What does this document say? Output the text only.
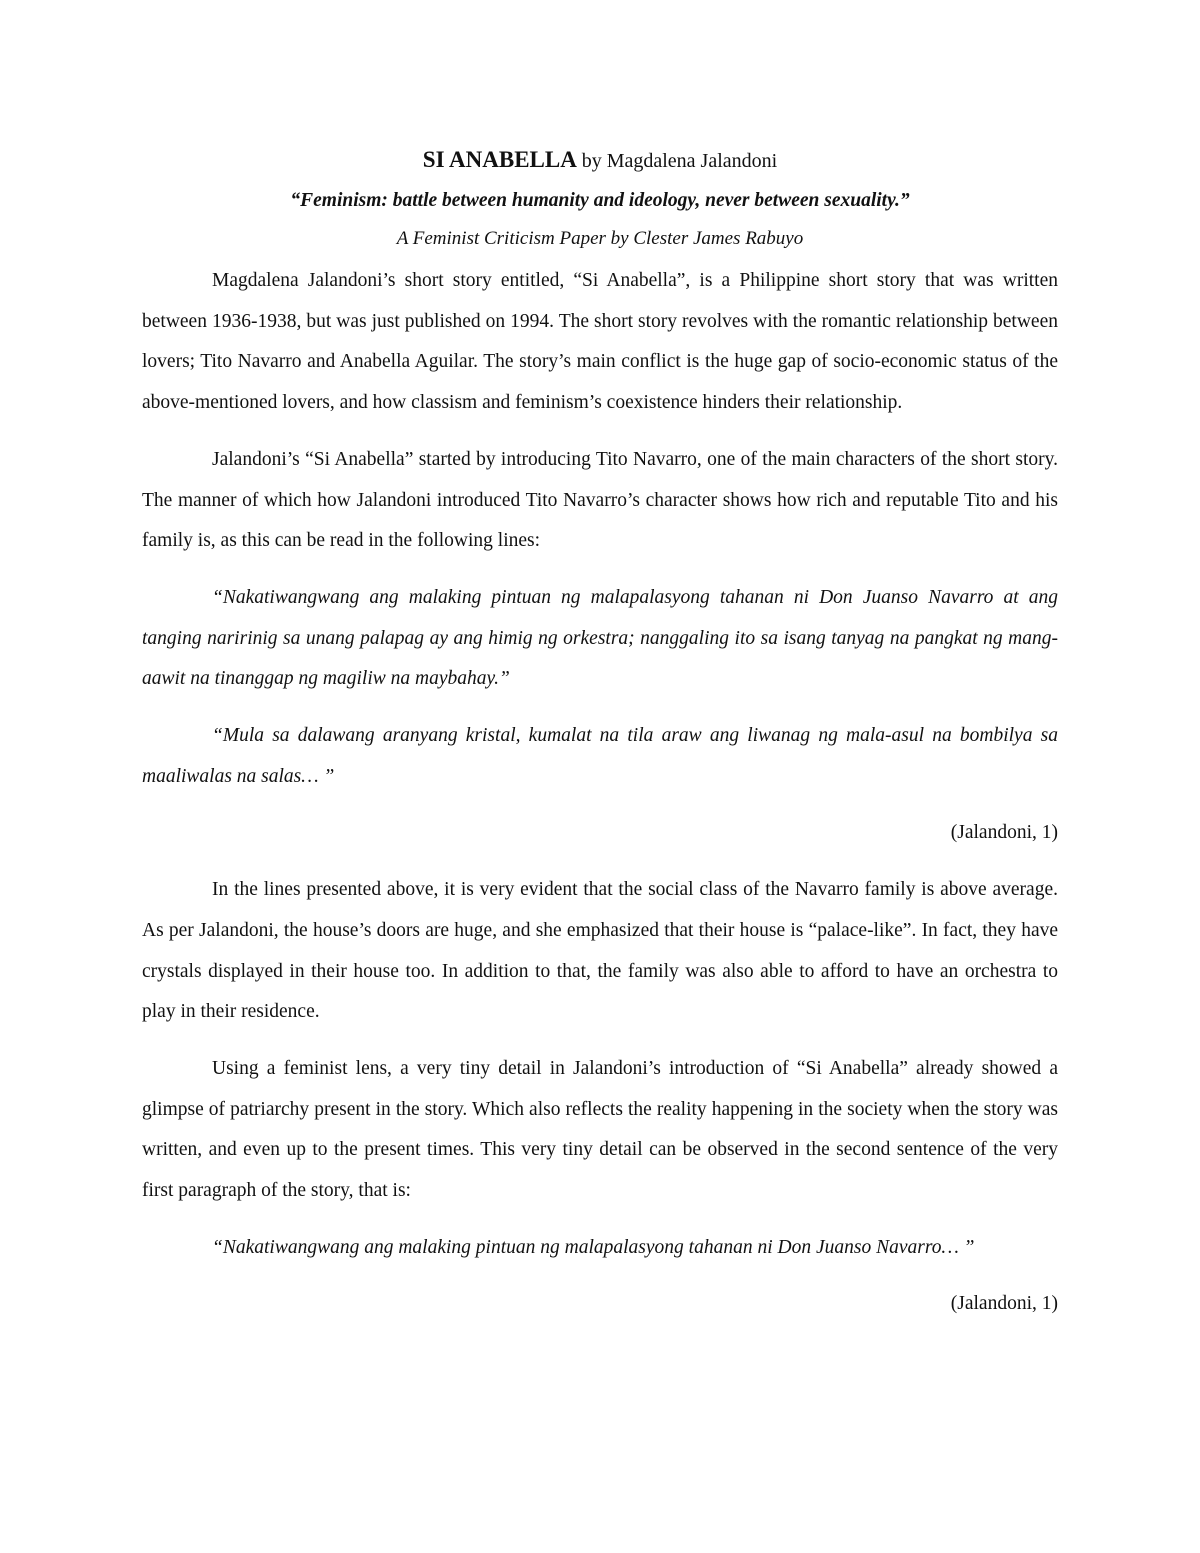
SI ANABELLA by Magdalena Jalandoni

“Feminism: battle between humanity and ideology, never between sexuality.”

A Feminist Criticism Paper by Clester James Rabuyo

Magdalena Jalandoni’s short story entitled, “Si Anabella”, is a Philippine short story that was written between 1936-1938, but was just published on 1994. The short story revolves with the romantic relationship between lovers; Tito Navarro and Anabella Aguilar. The story’s main conflict is the huge gap of socio-economic status of the above-mentioned lovers, and how classism and feminism’s coexistence hinders their relationship.

Jalandoni’s “Si Anabella” started by introducing Tito Navarro, one of the main characters of the short story. The manner of which how Jalandoni introduced Tito Navarro’s character shows how rich and reputable Tito and his family is, as this can be read in the following lines:

“Nakatiwangwang ang malaking pintuan ng malapalasyong tahanan ni Don Juanso Navarro at ang tanging naririnig sa unang palapag ay ang himig ng orkestra; nanggaling ito sa isang tanyag na pangkat ng mang-aawit na tinanggap ng magiliw na maybahay.”

“Mula sa dalawang aranyang kristal, kumalat na tila araw ang liwanag ng mala-asul na bombilya sa maaliwalas na salas… ”

(Jalandoni, 1)

In the lines presented above, it is very evident that the social class of the Navarro family is above average. As per Jalandoni, the house’s doors are huge, and she emphasized that their house is “palace-like”. In fact, they have crystals displayed in their house too. In addition to that, the family was also able to afford to have an orchestra to play in their residence.

Using a feminist lens, a very tiny detail in Jalandoni’s introduction of “Si Anabella” already showed a glimpse of patriarchy present in the story. Which also reflects the reality happening in the society when the story was written, and even up to the present times. This very tiny detail can be observed in the second sentence of the very first paragraph of the story, that is:

“Nakatiwangwang ang malaking pintuan ng malapalasyong tahanan ni Don Juanso Navarro… ”

(Jalandoni, 1)
